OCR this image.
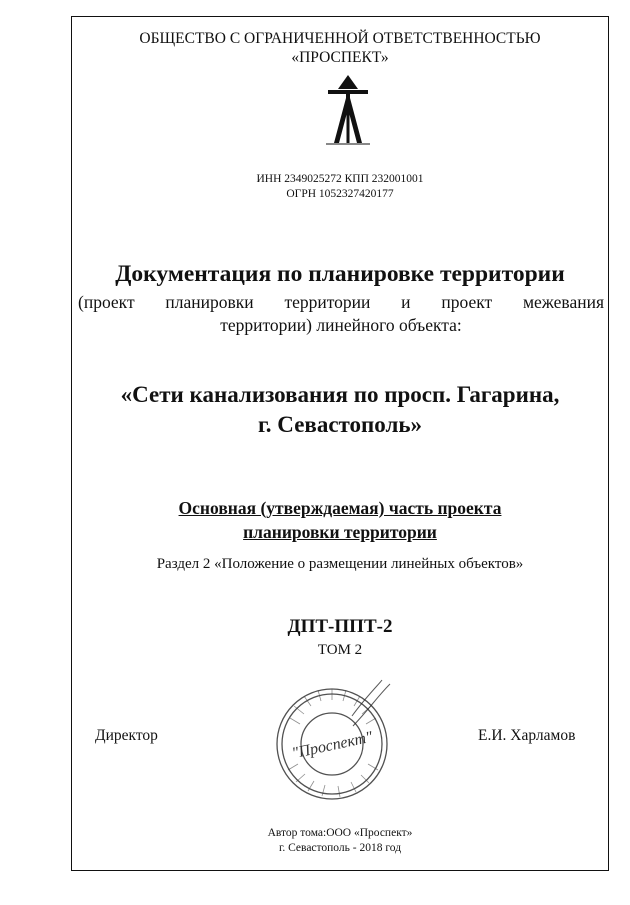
ОБЩЕСТВО С ОГРАНИЧЕННОЙ ОТВЕТСТВЕННОСТЬЮ
«ПРОСПЕКТ»
ИНН 2349025272 КПП 232001001
ОГРН 1052327420177
Документация по планировке территории
(проект планировки территории и проект межевания
территории) линейного объекта:
«Сети канализования по просп. Гагарина,
г. Севастополь»
Основная (утверждаемая) часть проекта
планировки территории
Раздел 2 «Положение о размещении линейных объектов»
ДПТ-ППТ-2
ТОМ 2
Директор	Е.И. Харламов
"Проспект"
Автор тома:ООО «Проспект»
г. Севастополь - 2018 год
